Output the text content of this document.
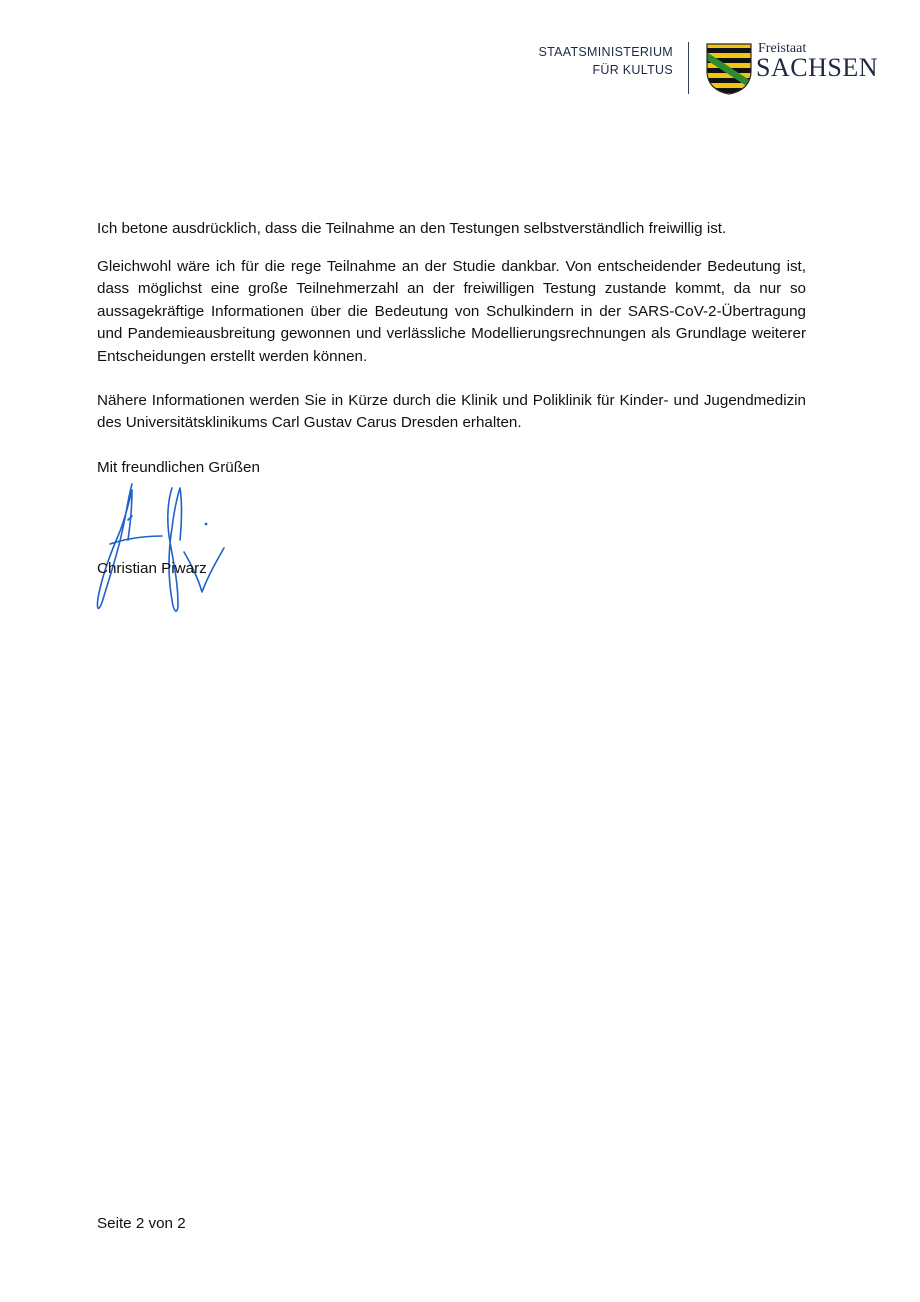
STAATSMINISTERIUM
FÜR KULTUS
Freistaat
SACHSEN

Ich betone ausdrücklich, dass die Teilnahme an den Testungen selbstverständlich freiwillig ist.

Gleichwohl wäre ich für die rege Teilnahme an der Studie dankbar. Von entscheidender Bedeutung ist, dass möglichst eine große Teilnehmerzahl an der freiwilligen Testung zustande kommt, da nur so aussagekräftige Informationen über die Bedeutung von Schulkindern in der SARS-CoV-2-Übertragung und Pandemieausbreitung gewonnen und verlässliche Modellierungsrechnungen als Grundlage weiterer Entscheidungen erstellt werden können.

Nähere Informationen werden Sie in Kürze durch die Klinik und Poliklinik für Kinder- und Jugendmedizin des Universitätsklinikums Carl Gustav Carus Dresden erhalten.

Mit freundlichen Grüßen
Christian Piwarz
Seite 2 von 2
